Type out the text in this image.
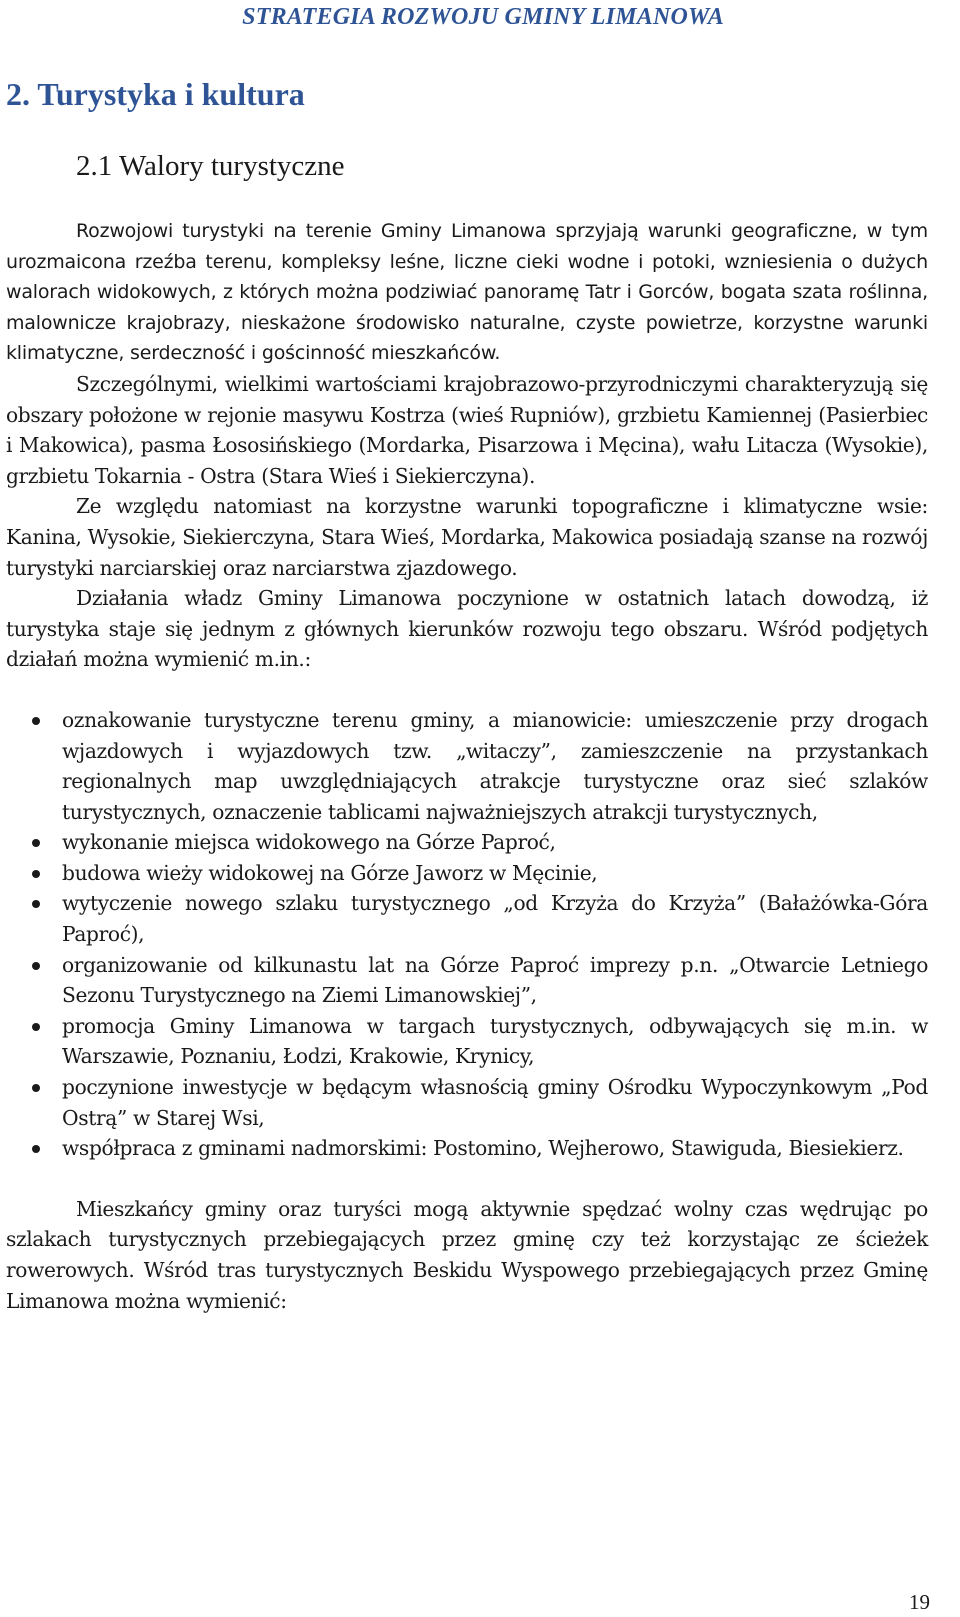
STRATEGIA ROZWOJU GMINY LIMANOWA
2. Turystyka i kultura
2.1 Walory turystyczne

Rozwojowi turystyki na terenie Gminy Limanowa sprzyjają warunki geograficzne, w tym urozmaicona rzeźba terenu, kompleksy leśne, liczne cieki wodne i potoki, wzniesienia o dużych walorach widokowych, z których można podziwiać panoramę Tatr i Gorców, bogata szata roślinna, malownicze krajobrazy, nieskażone środowisko naturalne, czyste powietrze, korzystne warunki klimatyczne, serdeczność i gościnność mieszkańców.

Szczególnymi, wielkimi wartościami krajobrazowo-przyrodniczymi charakteryzują się obszary położone w rejonie masywu Kostrza (wieś Rupniów), grzbietu Kamiennej (Pasierbiec i Makowica), pasma Łososińskiego (Mordarka, Pisarzowa i Męcina), wału Litacza (Wysokie), grzbietu Tokarnia - Ostra (Stara Wieś i Siekierczyna).

Ze względu natomiast na korzystne warunki topograficzne i klimatyczne wsie: Kanina, Wysokie, Siekierczyna, Stara Wieś, Mordarka, Makowica posiadają szanse na rozwój turystyki narciarskiej oraz narciarstwa zjazdowego.

Działania władz Gminy Limanowa poczynione w ostatnich latach dowodzą, iż turystyka staje się jednym z głównych kierunków rozwoju tego obszaru. Wśród podjętych działań można wymienić m.in.:

oznakowanie turystyczne terenu gminy, a mianowicie: umieszczenie przy drogach wjazdowych i wyjazdowych tzw. „witaczy”, zamieszczenie na przystankach regionalnych map uwzględniających atrakcje turystyczne oraz sieć szlaków turystycznych, oznaczenie tablicami najważniejszych atrakcji turystycznych,
wykonanie miejsca widokowego na Górze Paproć,
budowa wieży widokowej na Górze Jaworz w Męcinie,
wytyczenie nowego szlaku turystycznego „od Krzyża do Krzyża” (Bałażówka-Góra Paproć),
organizowanie od kilkunastu lat na Górze Paproć imprezy p.n. „Otwarcie Letniego Sezonu Turystycznego na Ziemi Limanowskiej”,
promocja Gminy Limanowa w targach turystycznych, odbywających się m.in. w Warszawie, Poznaniu, Łodzi, Krakowie, Krynicy,
poczynione inwestycje w będącym własnością gminy Ośrodku Wypoczynkowym „Pod Ostrą” w Starej Wsi,
współpraca z gminami nadmorskimi: Postomino, Wejherowo, Stawiguda, Biesiekierz.

Mieszkańcy gminy oraz turyści mogą aktywnie spędzać wolny czas wędrując po szlakach turystycznych przebiegających przez gminę czy też korzystając ze ścieżek rowerowych. Wśród tras turystycznych Beskidu Wyspowego przebiegających przez Gminę Limanowa można wymienić:

19
